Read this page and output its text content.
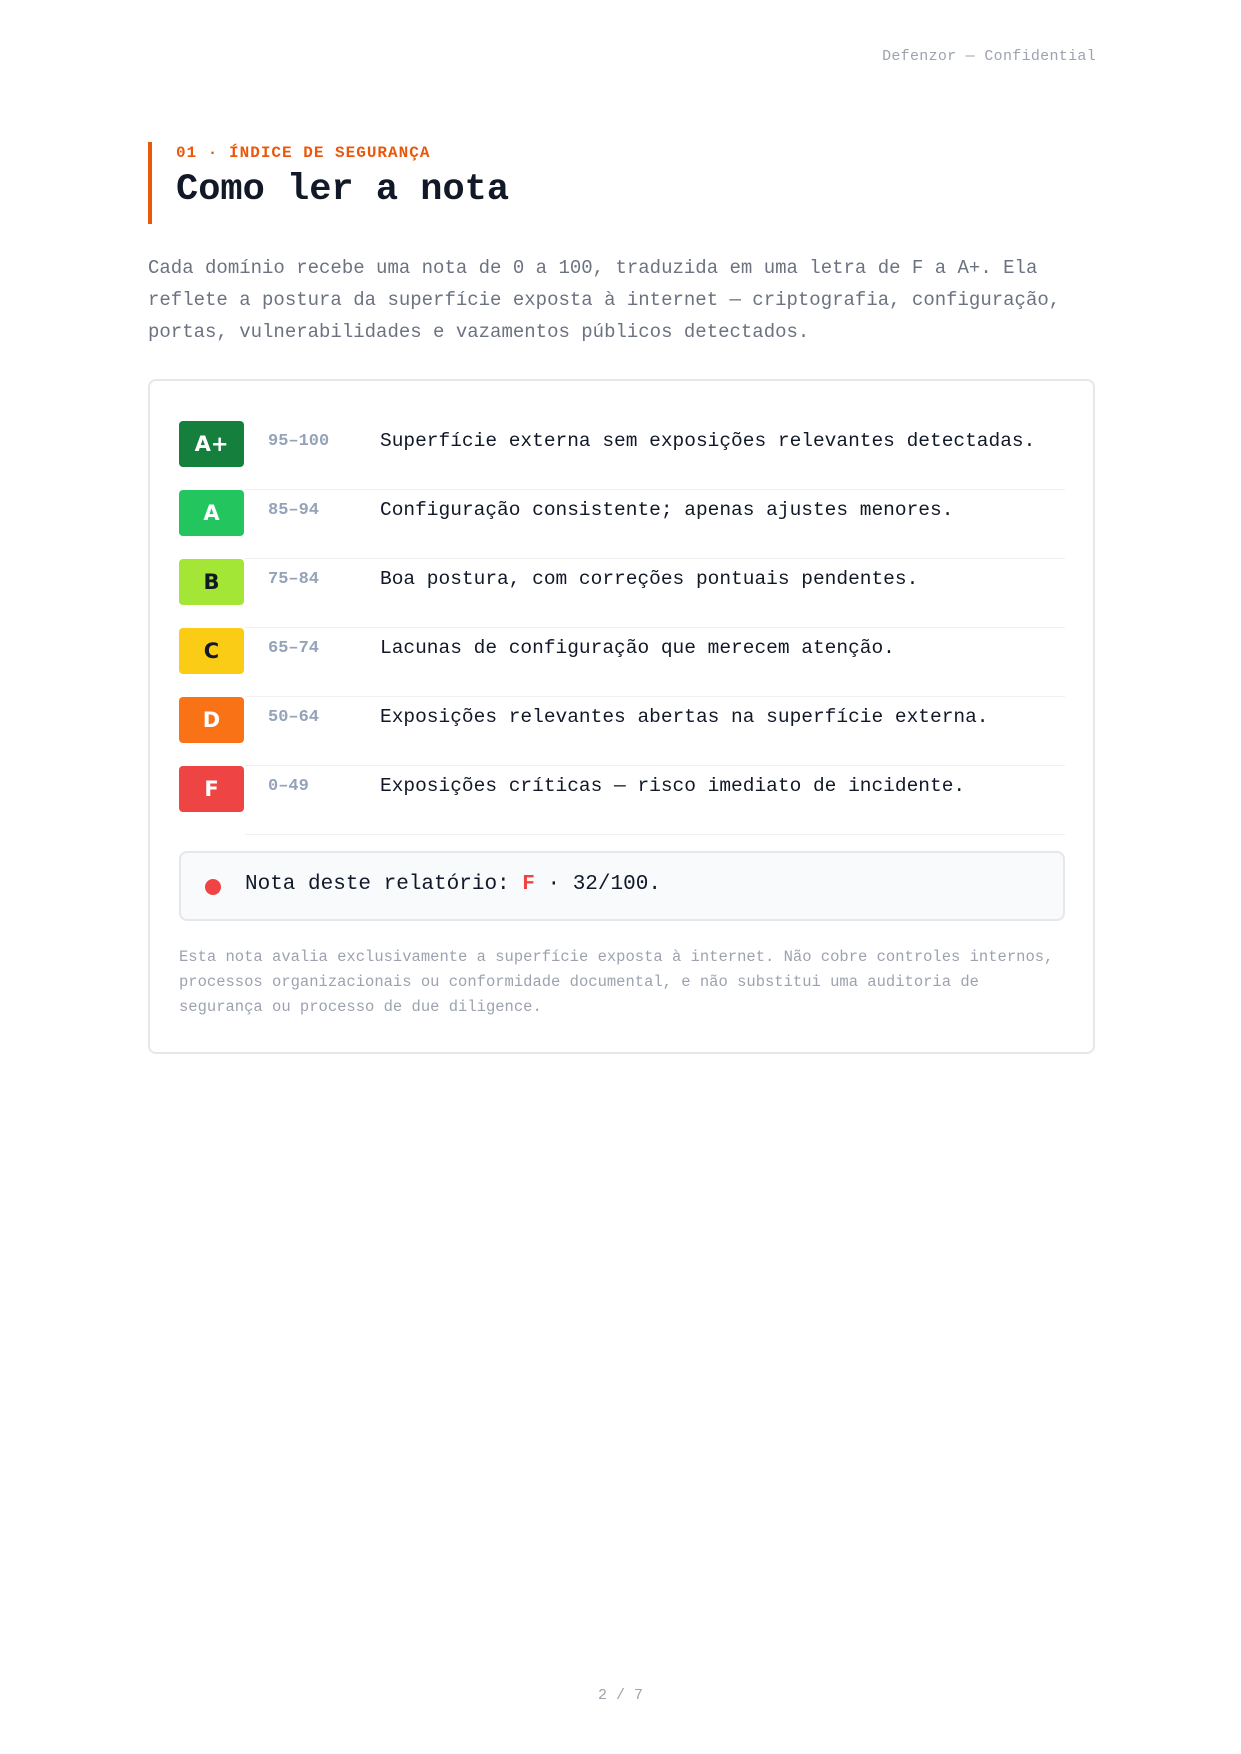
Defenzor — Confidential
01 · ÍNDICE DE SEGURANÇA
Como ler a nota

Cada domínio recebe uma nota de 0 a 100, traduzida em uma letra de F a A+. Ela reflete a postura da superfície exposta à internet — criptografia, configuração, portas, vulnerabilidades e vazamentos públicos detectados.

A+	95–100	Superfície externa sem exposições relevantes detectadas.
A	85–94	Configuração consistente; apenas ajustes menores.
B	75–84	Boa postura, com correções pontuais pendentes.
C	65–74	Lacunas de configuração que merecem atenção.
D	50–64	Exposições relevantes abertas na superfície externa.
F	0–49	Exposições críticas — risco imediato de incidente.
Nota deste relatório: F · 32/100.

Esta nota avalia exclusivamente a superfície exposta à internet. Não cobre controles internos, processos organizacionais ou conformidade documental, e não substitui uma auditoria de segurança ou processo de due diligence.

2 / 7
